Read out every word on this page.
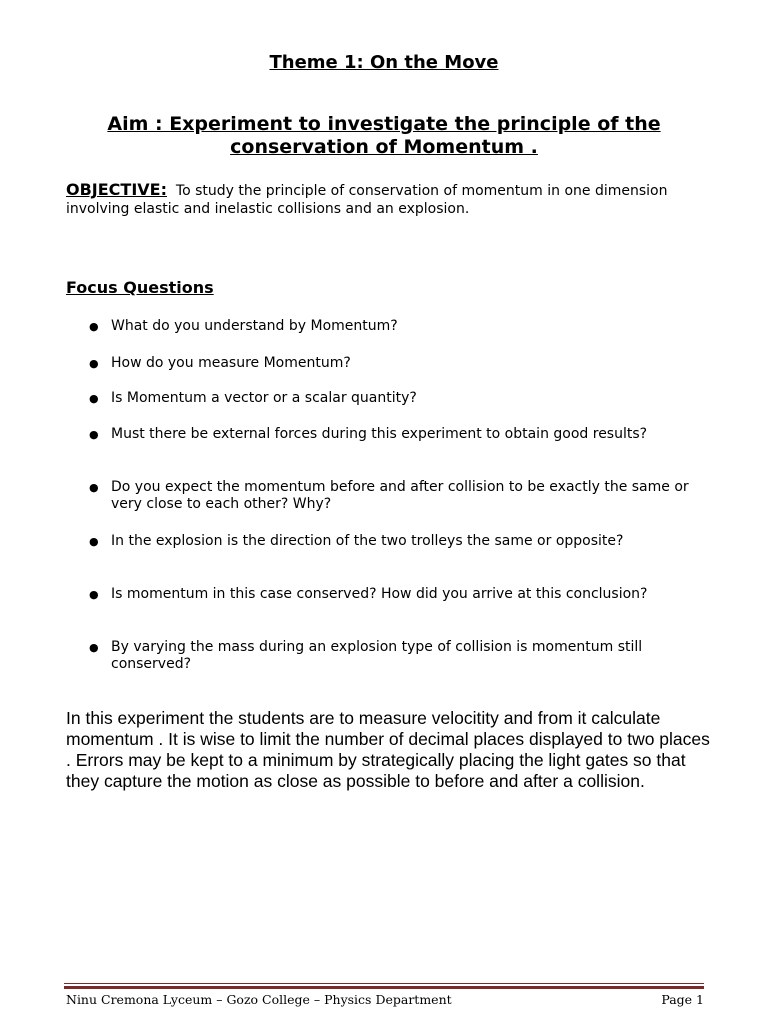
Theme 1: On the Move
Aim : Experiment to investigate the principle of the
conservation of Momentum .
OBJECTIVE: To study the principle of conservation of momentum in one dimension involving elastic and inelastic collisions and an explosion.
Focus Questions
● What do you understand by Momentum?
● How do you measure Momentum?
● Is Momentum a vector or a scalar quantity?
● Must there be external forces during this experiment to obtain good results?
● Do you expect the momentum before and after collision to be exactly the same or very close to each other? Why?
● In the explosion is the direction of the two trolleys the same or opposite?
● Is momentum in this case conserved? How did you arrive at this conclusion?
● By varying the mass during an explosion type of collision is momentum still conserved?
In this experiment the students are to measure velocitity and from it calculate momentum . It is wise to limit the number of decimal places displayed to two places . Errors may be kept to a minimum by strategically placing the light gates so that they capture the motion as close as possible to before and after a collision.
Ninu Cremona Lyceum – Gozo College – Physics Department	Page 1
